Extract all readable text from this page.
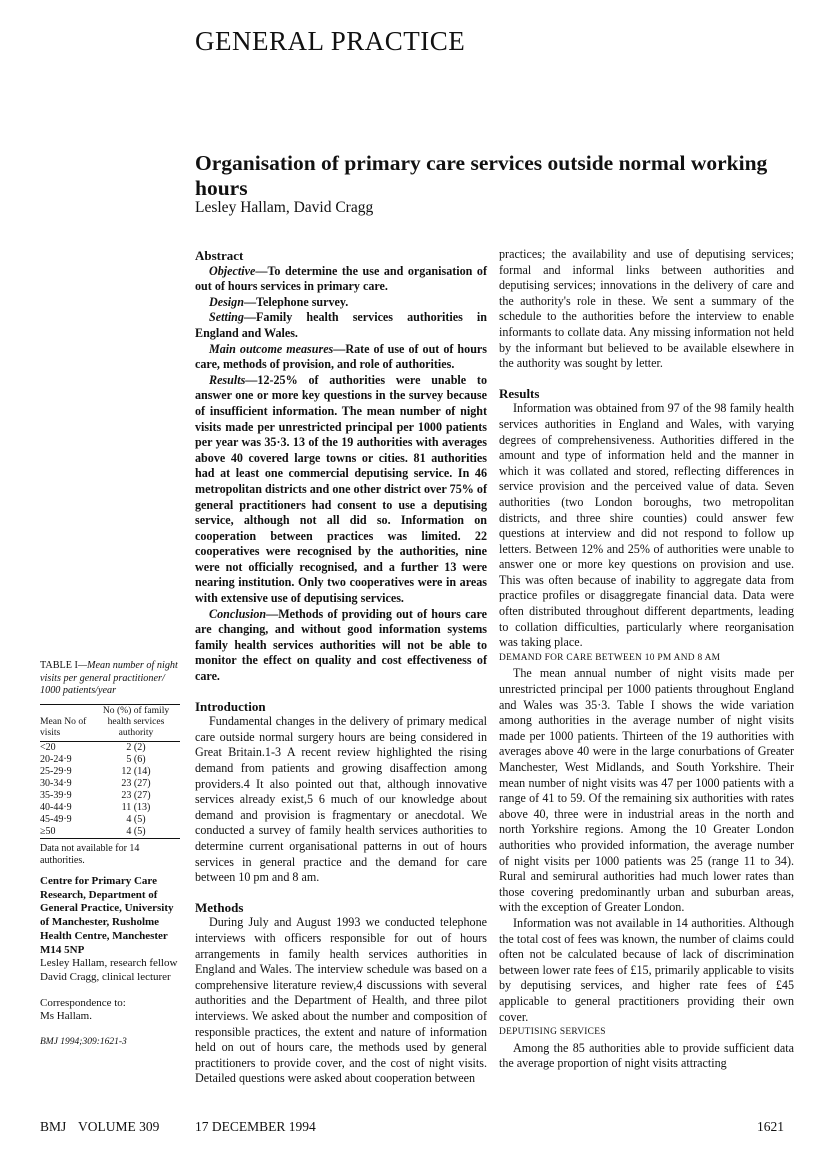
GENERAL PRACTICE
Organisation of primary care services outside normal working hours
Lesley Hallam, David Cragg

Abstract

Objective—To determine the use and organisation of out of hours services in primary care.

Design—Telephone survey.

Setting—Family health services authorities in England and Wales.

Main outcome measures—Rate of use of out of hours care, methods of provision, and role of authorities.

Results—12-25% of authorities were unable to answer one or more key questions in the survey because of insufficient information. The mean number of night visits made per unrestricted principal per 1000 patients per year was 35·3. 13 of the 19 authorities with averages above 40 covered large towns or cities. 81 authorities had at least one commercial deputising service. In 46 metropolitan districts and one other district over 75% of general practitioners had consent to use a deputising service, although not all did so. Information on cooperation between practices was limited. 22 cooperatives were recognised by the authorities, nine were not officially recognised, and a further 13 were nearing institution. Only two cooperatives were in areas with extensive use of deputising services.

Conclusion—Methods of providing out of hours care are changing, and without good information systems family health services authorities will not be able to monitor the effect on quality and cost effectiveness of care.

Introduction

Fundamental changes in the delivery of primary medical care outside normal surgery hours are being considered in Great Britain.1-3 A recent review highlighted the rising demand from patients and growing disaffection among providers.4 It also pointed out that, although innovative services already exist,5 6 much of our knowledge about demand and provision is fragmentary or anecdotal. We conducted a survey of family health services authorities to determine current organisational patterns in out of hours services in general practice and the demand for care between 10 pm and 8 am.

Methods

During July and August 1993 we conducted telephone interviews with officers responsible for out of hours arrangements in family health services authorities in England and Wales. The interview schedule was based on a comprehensive literature review,4 discussions with several authorities and the Department of Health, and three pilot interviews. We asked about the number and composition of responsible practices, the extent and nature of information held on out of hours care, the methods used by general practitioners to provide cover, and the cost of night visits. Detailed questions were asked about cooperation between

practices; the availability and use of deputising services; formal and informal links between authorities and deputising services; innovations in the delivery of care and the authority's role in these. We sent a summary of the schedule to the authorities before the interview to enable informants to collate data. Any missing information not held by the informant but believed to be available elsewhere in the authority was sought by letter.

Results

Information was obtained from 97 of the 98 family health services authorities in England and Wales, with varying degrees of comprehensiveness. Authorities differed in the amount and type of information held and the manner in which it was collated and stored, reflecting differences in service provision and the perceived value of data. Seven authorities (two London boroughs, two metropolitan districts, and three shire counties) could answer few questions at interview and did not respond to follow up letters. Between 12% and 25% of authorities were unable to answer one or more key questions on provision and use. This was often because of inability to aggregate data from practice profiles or disaggregate financial data. Data were often distributed throughout different departments, leading to collation difficulties, particularly where reorganisation was taking place.

DEMAND FOR CARE BETWEEN 10 PM AND 8 AM

The mean annual number of night visits made per unrestricted principal per 1000 patients throughout England and Wales was 35·3. Table I shows the wide variation among authorities in the average number of night visits made per 1000 patients. Thirteen of the 19 authorities with averages above 40 were in the large conurbations of Greater Manchester, West Midlands, and South Yorkshire. Their mean number of night visits was 47 per 1000 patients with a range of 41 to 59. Of the remaining six authorities with rates above 40, three were in industrial areas in the north and north Yorkshire regions. Among the 10 Greater London authorities who provided information, the average number of night visits per 1000 patients was 25 (range 11 to 34). Rural and semirural authorities had much lower rates than those covering predominantly urban and suburban areas, with the exception of Greater London.

Information was not available in 14 authorities. Although the total cost of fees was known, the number of claims could often not be calculated because of lack of discrimination between lower rate fees of £15, primarily applicable to visits by deputising services, and higher rate fees of £45 applicable to general practitioners providing their own cover.

DEPUTISING SERVICES

Among the 85 authorities able to provide sufficient data the average proportion of night visits attracting

TABLE I—Mean number of night visits per general practitioner/ 1000 patients/year
Mean No of visits	No (%) of family health services authority
<20	2 (2)
20-24·9	5 (6)
25-29·9	12 (14)
30-34·9	23 (27)
35-39·9	23 (27)
40-44·9	11 (13)
45-49·9	4 (5)
≥50	4 (5)
Data not available for 14 authorities.
Centre for Primary Care Research, Department of General Practice, University of Manchester, Rusholme Health Centre, Manchester M14 5NP
Lesley Hallam, research fellow
David Cragg, clinical lecturer
Correspondence to:
Ms Hallam.
BMJ 1994;309:1621-3
BMJ VOLUME 309	17 DECEMBER 1994	1621
